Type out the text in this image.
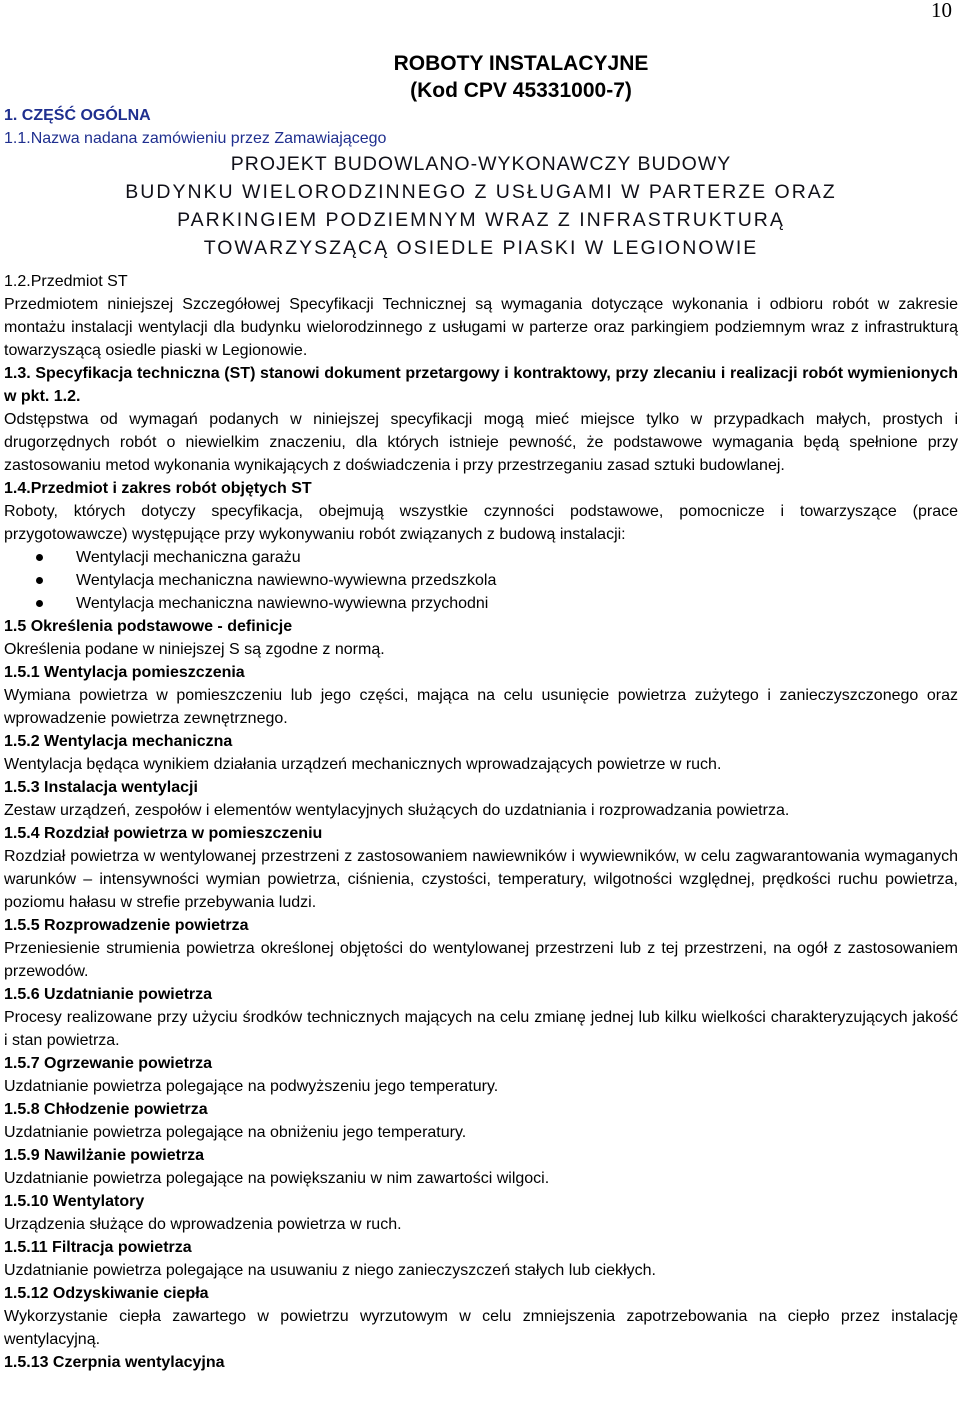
10
ROBOTY INSTALACYJNE
(Kod CPV 45331000-7)
1. CZĘŚĆ OGÓLNA
1.1.Nazwa nadana zamówieniu przez Zamawiającego
PROJEKT BUDOWLANO-WYKONAWCZY BUDOWY
BUDYNKU WIELORODZINNEGO Z USŁUGAMI W PARTERZE ORAZ
PARKINGIEM PODZIEMNYM WRAZ Z INFRASTRUKTURĄ
TOWARZYSZĄCĄ OSIEDLE PIASKI W LEGIONOWIE
1.2.Przedmiot ST
Przedmiotem niniejszej Szczegółowej Specyfikacji Technicznej są wymagania dotyczące wykonania i odbioru robót w zakresie montażu instalacji wentylacji dla budynku wielorodzinnego z usługami w parterze oraz parkingiem podziemnym wraz z infrastrukturą towarzyszącą osiedle piaski w Legionowie.
1.3. Specyfikacja techniczna (ST) stanowi dokument przetargowy i kontraktowy, przy zlecaniu i realizacji robót wymienionych w pkt. 1.2.
Odstępstwa od wymagań podanych w niniejszej specyfikacji mogą mieć miejsce tylko w przypadkach małych, prostych i drugorzędnych robót o niewielkim znaczeniu, dla których istnieje pewność, że podstawowe wymagania będą spełnione przy zastosowaniu metod wykonania wynikających z doświadczenia i przy przestrzeganiu zasad sztuki budowlanej.
1.4.Przedmiot i zakres robót objętych ST
Roboty, których dotyczy specyfikacja, obejmują wszystkie czynności podstawowe, pomocnicze i towarzyszące (prace przygotowawcze) występujące przy wykonywaniu robót związanych z budową instalacji:
Wentylacji mechaniczna garażu
Wentylacja mechaniczna nawiewno-wywiewna przedszkola
Wentylacja mechaniczna nawiewno-wywiewna przychodni
1.5 Określenia podstawowe - definicje
Określenia podane w niniejszej S są zgodne z normą.
1.5.1 Wentylacja pomieszczenia
Wymiana powietrza w pomieszczeniu lub jego części, mająca na celu usunięcie powietrza zużytego i zanieczyszczonego oraz wprowadzenie powietrza zewnętrznego.
1.5.2 Wentylacja mechaniczna
Wentylacja będąca wynikiem działania urządzeń mechanicznych wprowadzających powietrze w ruch.
1.5.3 Instalacja wentylacji
Zestaw urządzeń, zespołów i elementów wentylacyjnych służących do uzdatniania i rozprowadzania powietrza.
1.5.4 Rozdział powietrza w pomieszczeniu
Rozdział powietrza w wentylowanej przestrzeni z zastosowaniem nawiewników i wywiewników, w celu zagwarantowania wymaganych warunków – intensywności wymian powietrza, ciśnienia, czystości, temperatury, wilgotności względnej, prędkości ruchu powietrza, poziomu hałasu w strefie przebywania ludzi.
1.5.5 Rozprowadzenie powietrza
Przeniesienie strumienia powietrza określonej objętości do wentylowanej przestrzeni lub z tej przestrzeni, na ogół z zastosowaniem przewodów.
1.5.6 Uzdatnianie powietrza
Procesy realizowane przy użyciu środków technicznych mających na celu zmianę jednej lub kilku wielkości charakteryzujących jakość i stan powietrza.
1.5.7 Ogrzewanie powietrza
Uzdatnianie powietrza polegające na podwyższeniu jego temperatury.
1.5.8 Chłodzenie powietrza
Uzdatnianie powietrza polegające na obniżeniu jego temperatury.
1.5.9 Nawilżanie powietrza
Uzdatnianie powietrza polegające na powiększaniu w nim zawartości wilgoci.
1.5.10 Wentylatory
Urządzenia służące do wprowadzenia powietrza w ruch.
1.5.11 Filtracja powietrza
Uzdatnianie powietrza polegające na usuwaniu z niego zanieczyszczeń stałych lub ciekłych.
1.5.12 Odzyskiwanie ciepła
Wykorzystanie ciepła zawartego w powietrzu wyrzutowym w celu zmniejszenia zapotrzebowania na ciepło przez instalację wentylacyjną.
1.5.13 Czerpnia wentylacyjna
